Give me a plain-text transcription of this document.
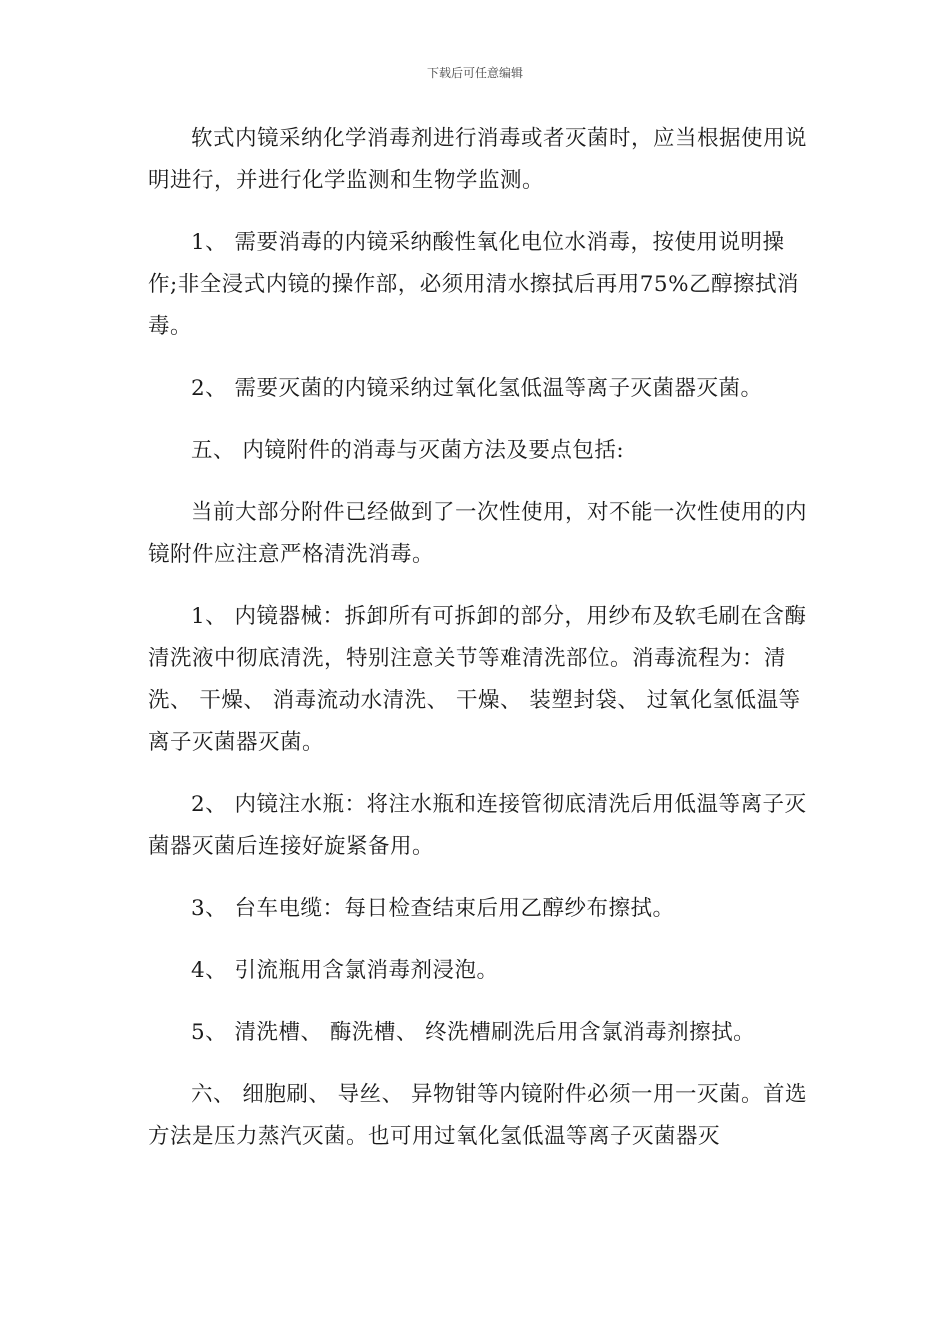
下载后可任意编辑

软式内镜采纳化学消毒剂进行消毒或者灭菌时，应当根据使用说明进行，并进行化学监测和生物学监测。

1、 需要消毒的内镜采纳酸性氧化电位水消毒，按使用说明操作;非全浸式内镜的操作部，必须用清水擦拭后再用75%乙醇擦拭消毒。

2、 需要灭菌的内镜采纳过氧化氢低温等离子灭菌器灭菌。

五、 内镜附件的消毒与灭菌方法及要点包括:

当前大部分附件已经做到了一次性使用，对不能一次性使用的内镜附件应注意严格清洗消毒。

1、 内镜器械：拆卸所有可拆卸的部分，用纱布及软毛刷在含酶清洗液中彻底清洗，特别注意关节等难清洗部位。消毒流程为：清洗、 干燥、 消毒流动水清洗、 干燥、 装塑封袋、 过氧化氢低温等离子灭菌器灭菌。

2、 内镜注水瓶：将注水瓶和连接管彻底清洗后用低温等离子灭菌器灭菌后连接好旋紧备用。

3、 台车电缆：每日检查结束后用乙醇纱布擦拭。

4、 引流瓶用含氯消毒剂浸泡。

5、 清洗槽、 酶洗槽、 终洗槽刷洗后用含氯消毒剂擦拭。

六、 细胞刷、 导丝、 异物钳等内镜附件必须一用一灭菌。首选方法是压力蒸汽灭菌。也可用过氧化氢低温等离子灭菌器灭
